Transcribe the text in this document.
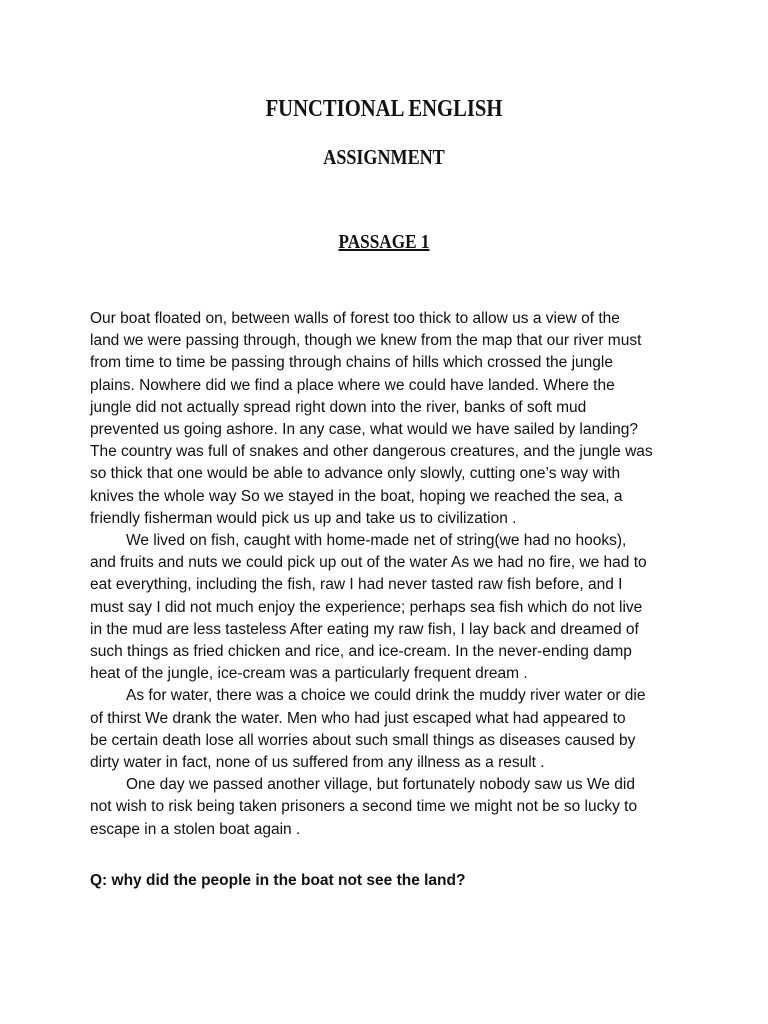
FUNCTIONAL ENGLISH
ASSIGNMENT
PASSAGE 1
Our boat floated on, between walls of forest too thick to allow us a view of the
land we were passing through, though we knew from the map that our river must
from time to time be passing through chains of hills which crossed the jungle
plains. Nowhere did we find a place where we could have landed. Where the
jungle did not actually spread right down into the river, banks of soft mud
prevented us going ashore. In any case, what would we have sailed by landing?
The country was full of snakes and other dangerous creatures, and the jungle was
so thick that one would be able to advance only slowly, cutting one’s way with
knives the whole way So we stayed in the boat, hoping we reached the sea, a
friendly fisherman would pick us up and take us to civilization .
We lived on fish, caught with home-made net of string(we had no hooks),
and fruits and nuts we could pick up out of the water As we had no fire, we had to
eat everything, including the fish, raw I had never tasted raw fish before, and I
must say I did not much enjoy the experience; perhaps sea fish which do not live
in the mud are less tasteless After eating my raw fish, I lay back and dreamed of
such things as fried chicken and rice, and ice-cream. In the never-ending damp
heat of the jungle, ice-cream was a particularly frequent dream .
As for water, there was a choice we could drink the muddy river water or die
of thirst We drank the water. Men who had just escaped what had appeared to
be certain death lose all worries about such small things as diseases caused by
dirty water in fact, none of us suffered from any illness as a result .
One day we passed another village, but fortunately nobody saw us We did
not wish to risk being taken prisoners a second time we might not be so lucky to
escape in a stolen boat again .

Q: why did the people in the boat not see the land?
